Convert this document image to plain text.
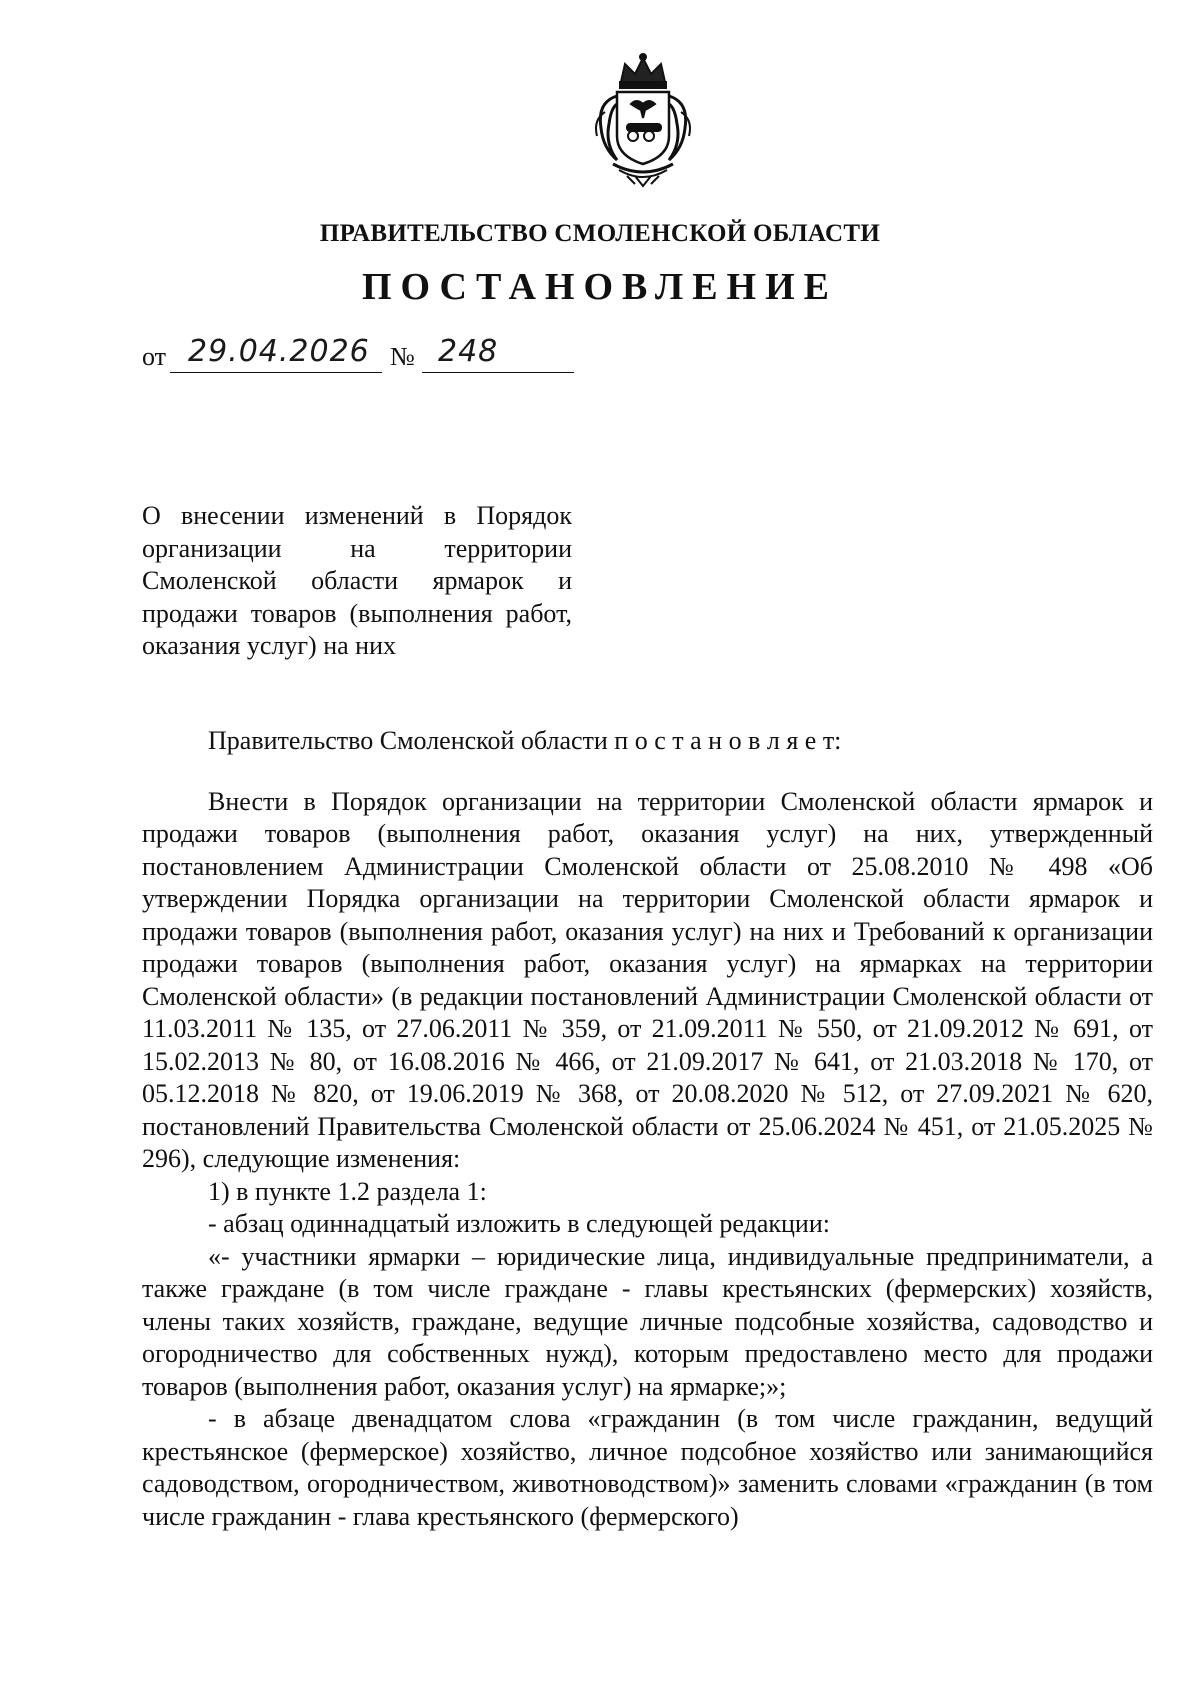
ПРАВИТЕЛЬСТВО СМОЛЕНСКОЙ ОБЛАСТИ
ПОСТАНОВЛЕНИЕ
от 29.04.2026 № 248
О внесении изменений в Порядок организации на территории Смоленской области ярмарок и продажи товаров (выполнения работ, оказания услуг) на них

Правительство Смоленской области п о с т а н о в л я е т:

Внести в Порядок организации на территории Смоленской области ярмарок и продажи товаров (выполнения работ, оказания услуг) на них, утвержденный постановлением Администрации Смоленской области от 25.08.2010 № 498 «Об утверждении Порядка организации на территории Смоленской области ярмарок и продажи товаров (выполнения работ, оказания услуг) на них и Требований к организации продажи товаров (выполнения работ, оказания услуг) на ярмарках на территории Смоленской области» (в редакции постановлений Администрации Смоленской области от 11.03.2011 № 135, от 27.06.2011 № 359, от 21.09.2011 № 550, от 21.09.2012 № 691, от 15.02.2013 № 80, от 16.08.2016 № 466, от 21.09.2017 № 641, от 21.03.2018 № 170, от 05.12.2018 № 820, от 19.06.2019 № 368, от 20.08.2020 № 512, от 27.09.2021 № 620, постановлений Правительства Смоленской области от 25.06.2024 № 451, от 21.05.2025 № 296), следующие изменения:

1) в пункте 1.2 раздела 1:

- абзац одиннадцатый изложить в следующей редакции:

«- участники ярмарки – юридические лица, индивидуальные предприниматели, а также граждане (в том числе граждане - главы крестьянских (фермерских) хозяйств, члены таких хозяйств, граждане, ведущие личные подсобные хозяйства, садоводство и огородничество для собственных нужд), которым предоставлено место для продажи товаров (выполнения работ, оказания услуг) на ярмарке;»;

- в абзаце двенадцатом слова «гражданин (в том числе гражданин, ведущий крестьянское (фермерское) хозяйство, личное подсобное хозяйство или занимающийся садоводством, огородничеством, животноводством)» заменить словами «гражданин (в том числе гражданин - глава крестьянского (фермерского)
